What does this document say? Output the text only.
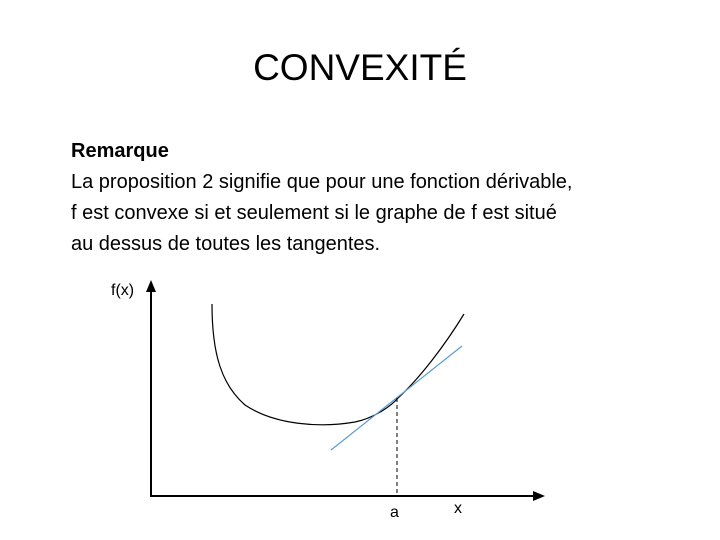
CONVEXITÉ
Remarque
La proposition 2 signifie que pour une fonction dérivable,
f est convexe si et seulement si le graphe de f est situé
au dessus de toutes les tangentes.
f(x)
x
a
